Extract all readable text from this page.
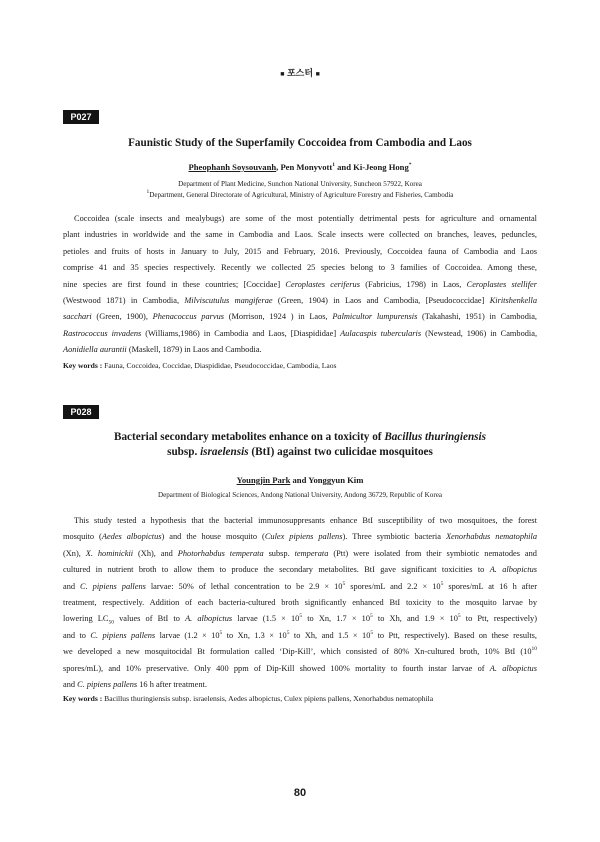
■ 포스터 ■
P027
Faunistic Study of the Superfamily Coccoidea from Cambodia and Laos
Pheophanh Soysouvanh, Pen Monyvott$^1$ and Ki-Jeong Hong*
Department of Plant Medicine, Sunchon National University, Suncheon 57922, Korea
$^1$Department, General Directorate of Agricultural, Ministry of Agriculture Forestry and Fisheries, Cambodia
Coccoidea (scale insects and mealybugs) are some of the most potentially detrimental pests for agriculture and ornamental
plant industries in worldwide and the same in Cambodia and Laos. Scale insects were collected on branches, leaves, peduncles,
petioles and fruits of hosts in January to July, 2015 and February, 2016. Previously, Coccoidea fauna of Cambodia and Laos
comprise 41 and 35 species respectively. Recently we collected 25 species belong to 3 families of Coccoidea. Among these,
nine species are first found in these countries; [Coccidae] Ceroplastes ceriferus (Fabricius, 1798) in Laos, Ceroplastes stellifer
(Westwood 1871) in Cambodia, Milviscutulus mangiferae (Green, 1904) in Laos and Cambodia, [Pseudococcidae] Kiritshenkella
sacchari (Green, 1900), Phenacoccus parvus (Morrison, 1924 ) in Laos, Palmicultor lumpurensis (Takahashi, 1951) in Cambodia,
Rastrococcus invadens (Williams,1986) in Cambodia and Laos, [Diaspididae] Aulacaspis tubercularis (Newstead, 1906) in Cambodia,
Aonidiella aurantii (Maskell, 1879) in Laos and Cambodia.
Key words : Fauna, Coccoidea, Coccidae, Diaspididae, Pseudococcidae, Cambodia, Laos
P028
Bacterial secondary metabolites enhance on a toxicity of Bacillus thuringiensis
subsp. israelensis (BtI) against two culicidae mosquitoes
Youngjin Park and Yonggyun Kim
Department of Biological Sciences, Andong National University, Andong 36729, Republic of Korea
This study tested a hypothesis that the bacterial immunosuppresants enhance BtI susceptibility of two mosquitoes, the forest
mosquito (Aedes albopictus) and the house mosquito (Culex pipiens pallens). Three symbiotic bacteria Xenorhabdus nematophila
(Xn), X. hominickii (Xh), and Photorhabdus temperata subsp. temperata (Ptt) were isolated from their symbiotic nematodes and
cultured in nutrient broth to allow them to produce the secondary metabolites. BtI gave significant toxicities to A. albopictus
and C. pipiens pallens larvae: 50% of lethal concentration to be $2.9 \times 10^5$ spores/mL and $2.2 \times 10^5$ spores/mL at 16 h after
treatment, respectively. Addition of each bacteria-cultured broth significantly enhanced BtI toxicity to the mosquito larvae by
lowering $LC_{50}$ values of BtI to A. albopictus larvae ($1.5 \times 10^5$ to Xn, $1.7 \times 10^5$ to Xh, and $1.9 \times 10^5$ to Ptt, respectively)
and to C. pipiens pallens larvae ($1.2 \times 10^5$ to Xn, $1.3 \times 10^5$ to Xh, and $1.5 \times 10^5$ to Ptt, respectively). Based on these results,
we developed a new mosquitocidal Bt formulation called ‘Dip-Kill’, which consisted of 80% Xn-cultured broth, 10% BtI ($10^{10}$
spores/mL), and 10% preservative. Only 400 ppm of Dip-Kill showed 100% mortality to fourth instar larvae of A. albopictus
and C. pipiens pallens 16 h after treatment.
Key words : Bacillus thuringiensis subsp. israelensis, Aedes albopictus, Culex pipiens pallens, Xenorhabdus nematophila
80
